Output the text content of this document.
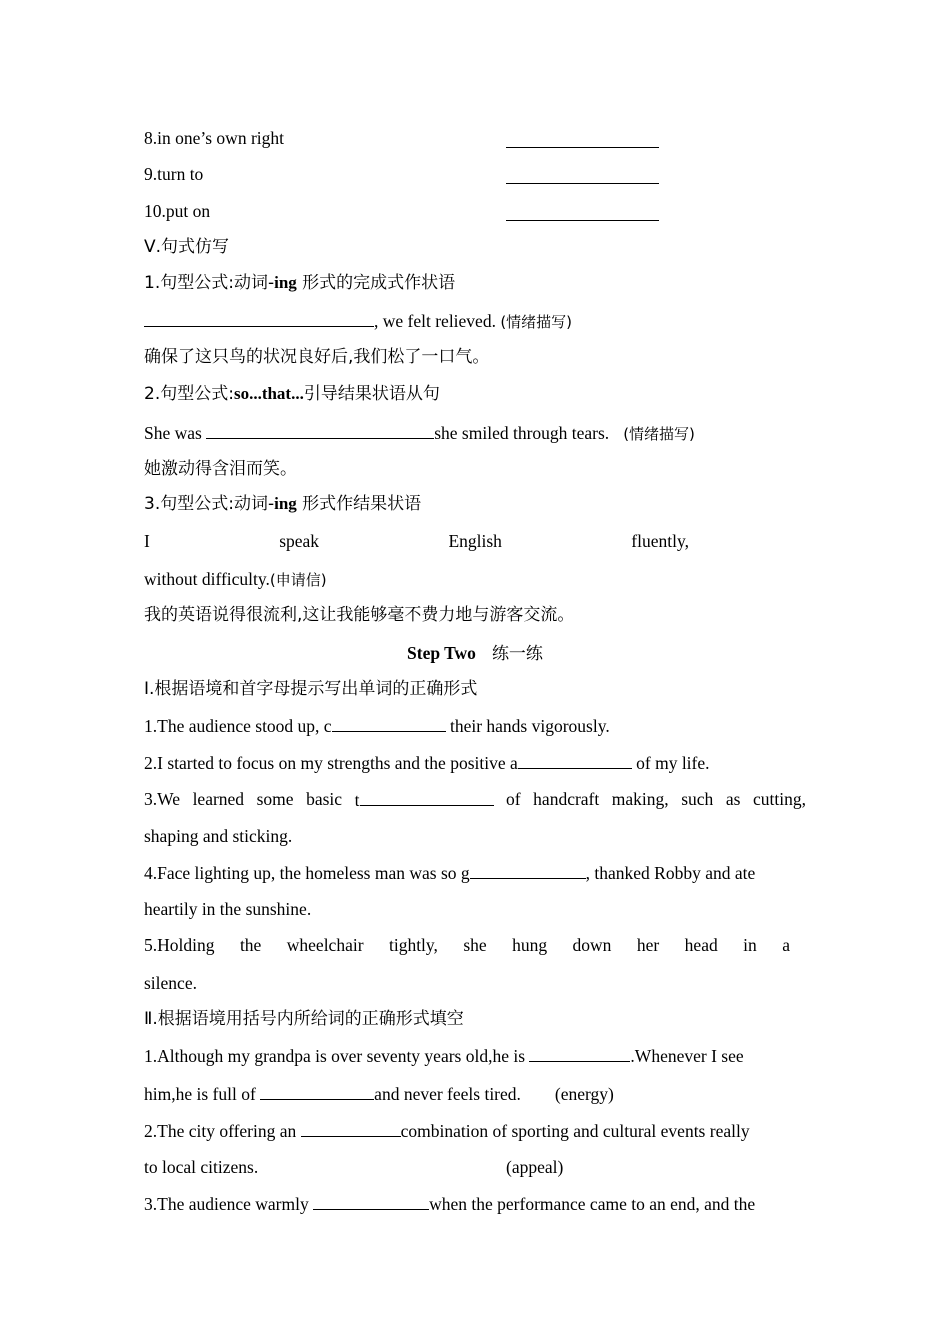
8.in one’s own right
9.turn to
10.put on
Ⅴ.句式仿写
1.句型公式:动词-ing 形式的完成式作状语
, we felt relieved. (情绪描写)
确保了这只鸟的状况良好后,我们松了一口气。
2.句型公式:so...that...引导结果状语从句
She was	she smiled through tears. (情绪描写)
她激动得含泪而笑。
3.句型公式:动词-ing 形式作结果状语
I	speak	English	fluently,
without difficulty.(申请信)
我的英语说得很流利,这让我能够毫不费力地与游客交流。
Step Two 练一练
Ⅰ.根据语境和首字母提示写出单词的正确形式
1.The audience stood up, c	their hands vigorously.
2.I started to focus on my strengths and the positive a	of my life.
3.We learned some basic t	of handcraft making, such as cutting,
shaping and sticking.
4.Face lighting up, the homeless man was so g	, thanked Robby and ate
heartily in the sunshine.
5.Holding the wheelchair tightly, she hung down her head in a
silence.
Ⅱ.根据语境用括号内所给词的正确形式填空
1.Although my grandpa is over seventy years old,he is	.Whenever I see
him,he is full of	and never feels tired. (energy)
2.The city offering an	combination of sporting and cultural events really
to local citizens.	(appeal)
3.The audience warmly	when the performance came to an end, and the
